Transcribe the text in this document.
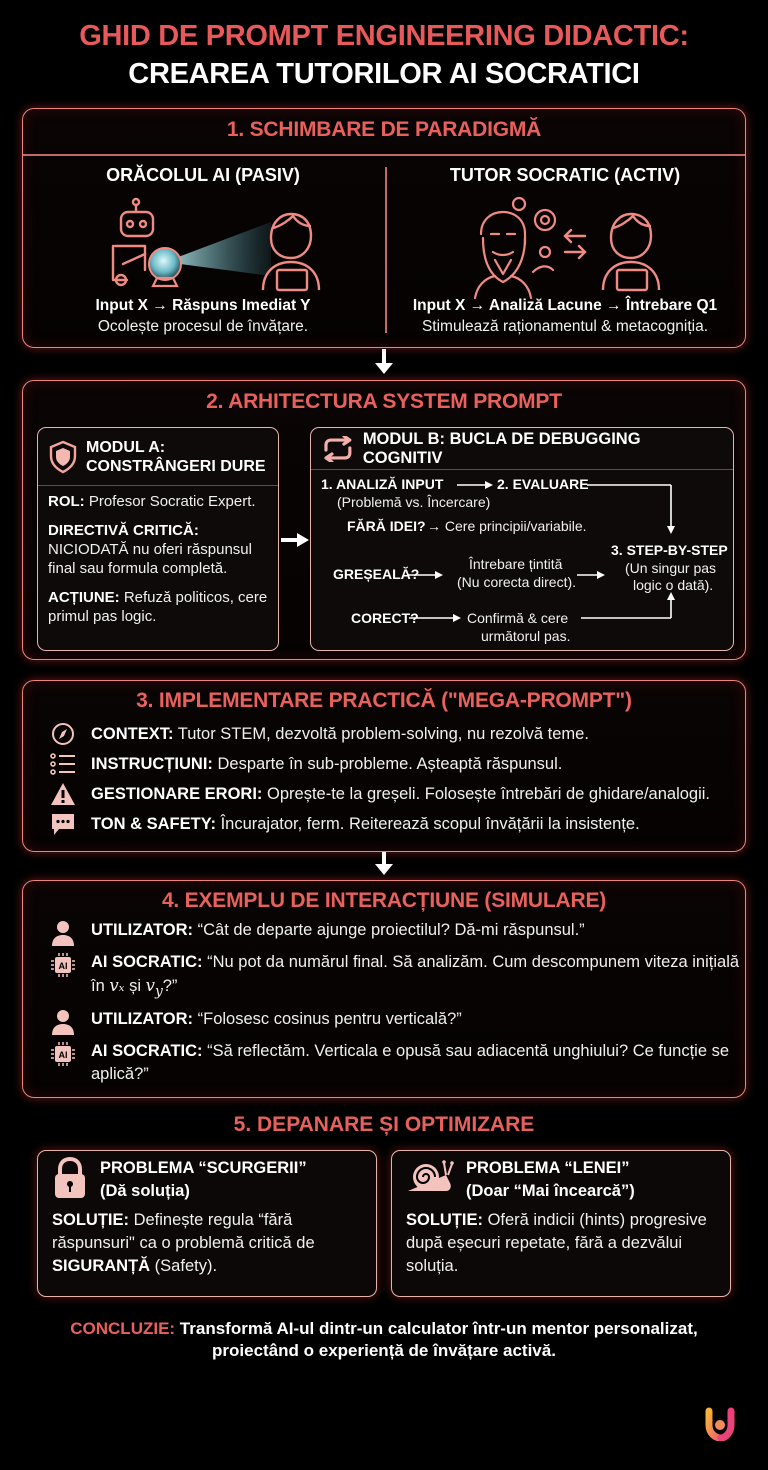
GHID DE PROMPT ENGINEERING DIDACTIC:
CREAREA TUTORILOR AI SOCRATICI
1. SCHIMBARE DE PARADIGMĂ
ORĂCOLUL AI (PASIV)
Input X → Răspuns Imediat Y
Ocolește procesul de învățare.
TUTOR SOCRATIC (ACTIV)
Input X → Analiză Lacune → Întrebare Q1
Stimulează raționamentul & metacogniția.
2. ARHITECTURA SYSTEM PROMPT
MODUL A:
CONSTRÂNGERI DURE

ROL: Profesor Socratic Expert.

DIRECTIVĂ CRITICĂ:
NICIODATĂ nu oferi răspunsul final sau formula completă.

ACȚIUNE: Refuză politicos, cere primul pas logic.

MODUL B: BUCLA DE DEBUGGING COGNITIV
1. ANALIZĂ INPUT
(Problemă vs. Încercare)
2. EVALUARE
FĂRĂ IDEI? → Cere principii/variabile.
GREȘEALĂ?
Întrebare țintită
(Nu corecta direct).
CORECT?	Confirmă & cere
următorul pas.
3. STEP-BY-STEP
(Un singur pas
logic o dată).
3. IMPLEMENTARE PRACTICĂ ("MEGA-PROMPT")
CONTEXT: Tutor STEM, dezvoltă problem-solving, nu rezolvă teme.
INSTRUCȚIUNI: Desparte în sub-probleme. Așteaptă răspunsul.
GESTIONARE ERORI: Oprește-te la greșeli. Folosește întrebări de ghidare/analogii.
TON & SAFETY: Încurajator, ferm. Reiterează scopul învățării la insistențe.
4. EXEMPLU DE INTERACȚIUNE (SIMULARE)
UTILIZATOR: “Cât de departe ajunge proiectilul? Dă-mi răspunsul.”
AI AI SOCRATIC: “Nu pot da numărul final. Să analizăm. Cum descompunem viteza inițială în vₓ și $v_y$?”
UTILIZATOR: “Folosesc cosinus pentru verticală?”
AI AI SOCRATIC: “Să reflectăm. Verticala e opusă sau adiacentă unghiului? Ce funcție se aplică?”
5. DEPANARE ȘI OPTIMIZARE
PROBLEMA “SCURGERII”
(Dă soluția)
SOLUȚIE: Definește regula “fără răspunsuri" ca o problemă critică de SIGURANȚĂ (Safety).
PROBLEMA “LENEI”
(Doar “Mai încearcă”)
SOLUȚIE: Oferă indicii (hints) progresive după eșecuri repetate, fără a dezvălui soluția.
CONCLUZIE: Transformă AI-ul dintr-un calculator într-un mentor personalizat,
proiectând o experiență de învățare activă.
